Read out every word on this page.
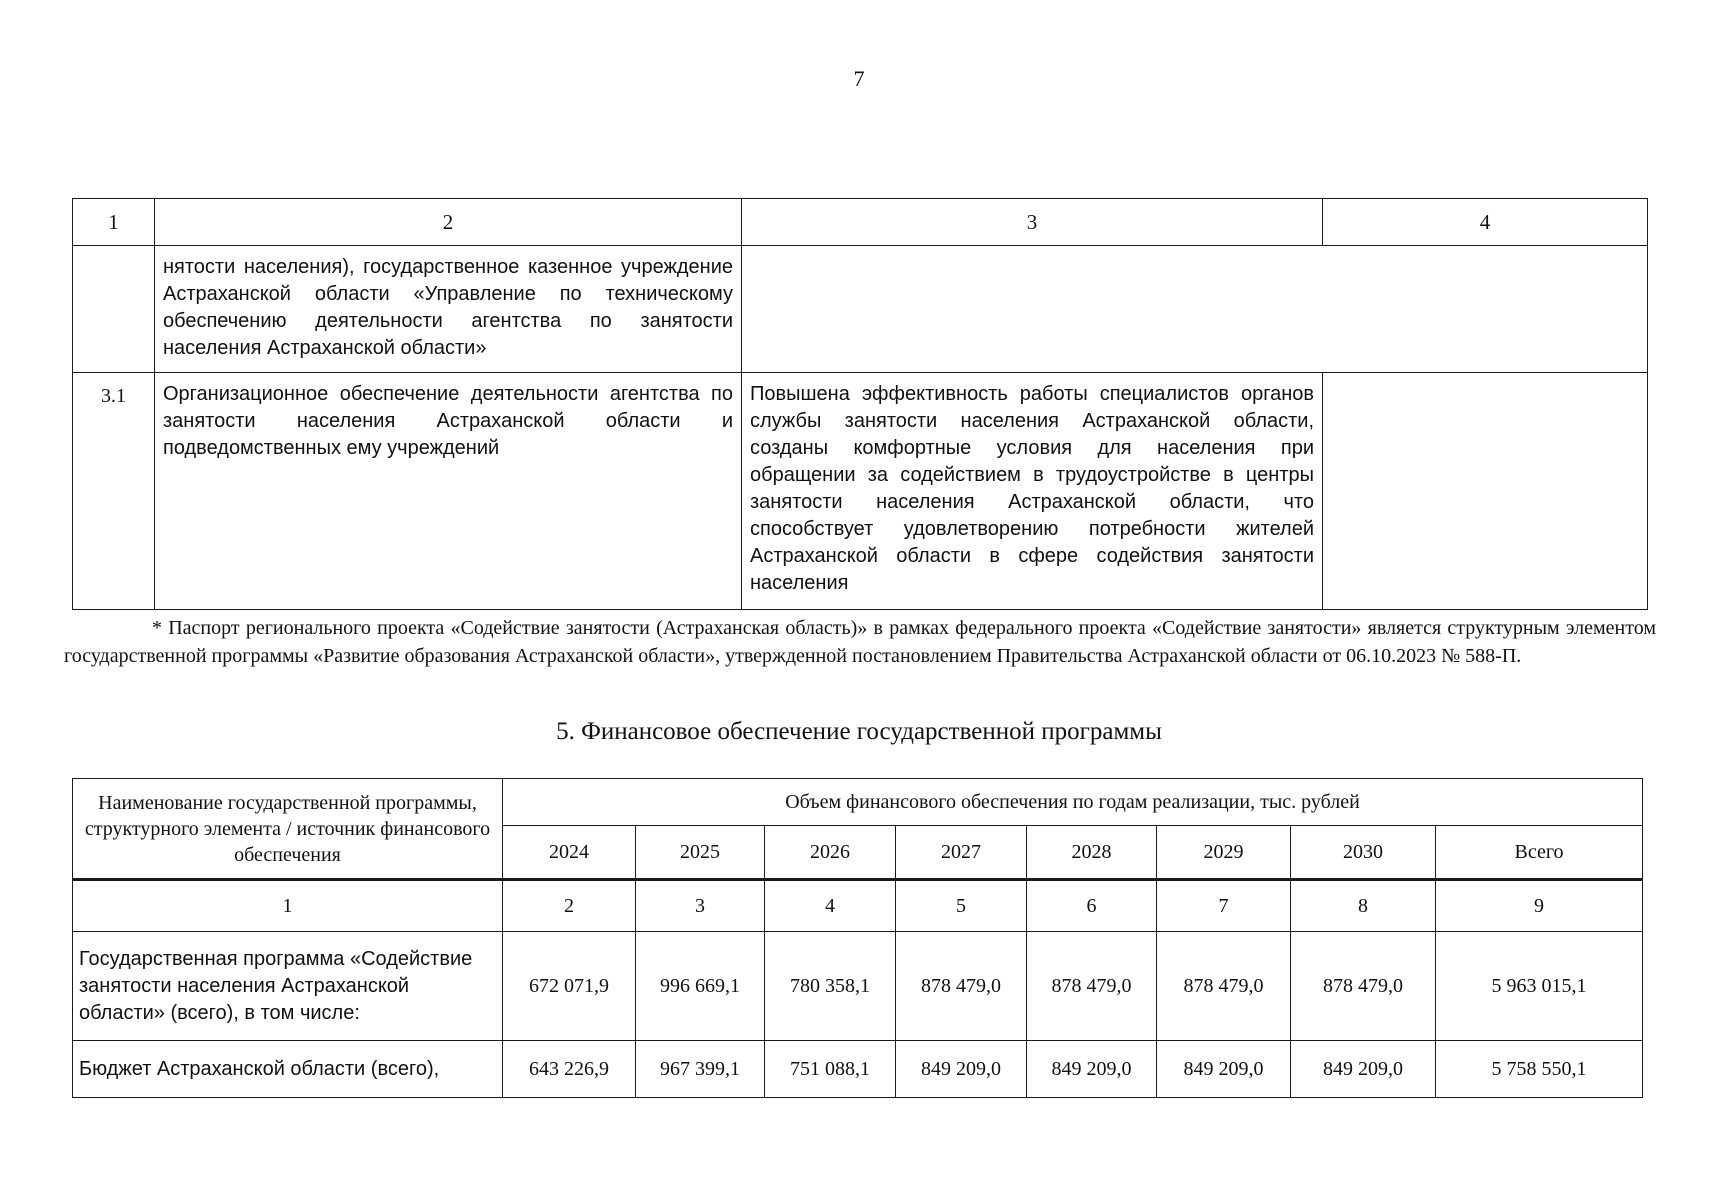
7
1	2	3	4
	нятости населения), государственное казенное учреждение Астраханской области «Управление по техническому обеспечению деятельности агентства по занятости населения Астраханской области»		
3.1	Организационное обеспечение деятельности агентства по занятости населения Астраханской области и подведомственных ему учреждений	Повышена эффективность работы специалистов органов службы занятости населения Астраханской области, созданы комфортные условия для населения при обращении за содействием в трудоустройстве в центры занятости населения Астраханской области, что способствует удовлетворению потребности жителей Астраханской области в сфере содействия занятости населения	
* Паспорт регионального проекта «Содействие занятости (Астраханская область)» в рамках федерального проекта «Содействие занятости» является структурным элементом государственной программы «Развитие образования Астраханской области», утвержденной постановлением Правительства Астраханской области от 06.10.2023 № 588-П.
5. Финансовое обеспечение государственной программы
Наименование государственной программы, структурного элемента / источник финансового обеспечения	Объем финансового обеспечения по годам реализации, тыс. рублей							
	2024	2025	2026	2027	2028	2029	2030	Всего
1	2	3	4	5	6	7	8	9
Государственная программа «Содействие занятости населения Астраханской области» (всего), в том числе:	672 071,9	996 669,1	780 358,1	878 479,0	878 479,0	878 479,0	878 479,0	5 963 015,1
Бюджет Астраханской области (всего),	643 226,9	967 399,1	751 088,1	849 209,0	849 209,0	849 209,0	849 209,0	5 758 550,1
